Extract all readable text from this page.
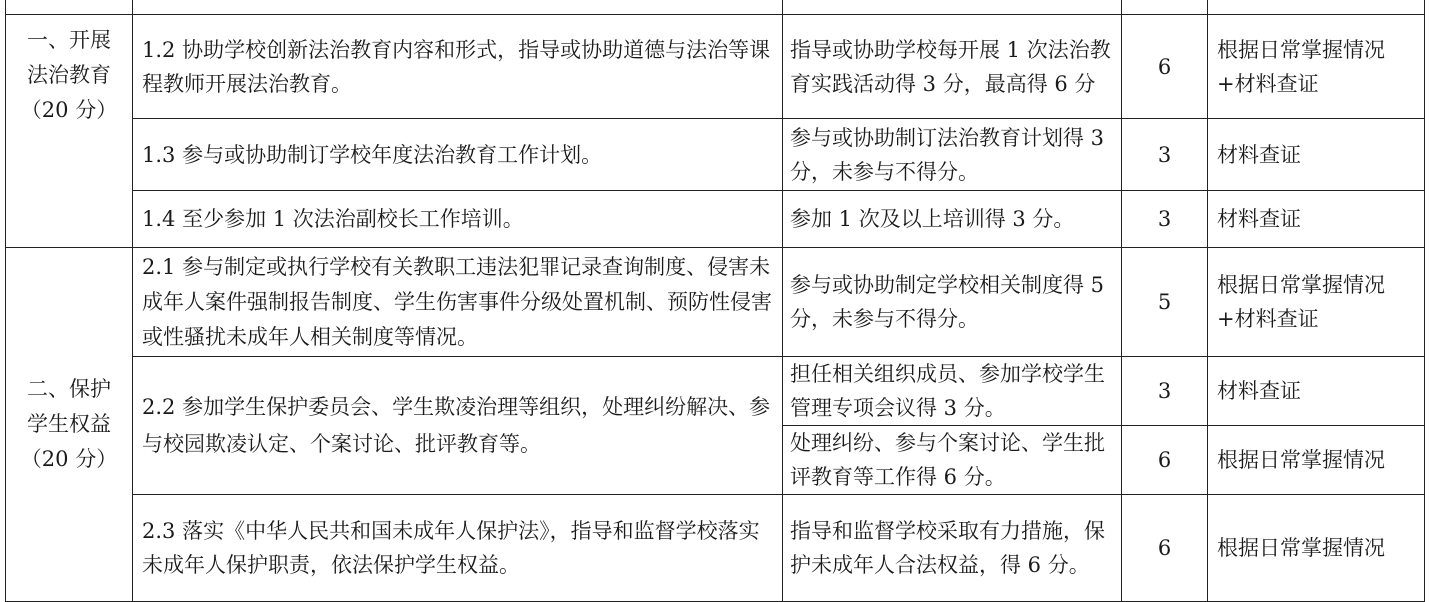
一、开展
法治教育
（20 分）	1.2 协助学校创新法治教育内容和形式，指导或协助道德与法治等课程教师开展法治教育。	指导或协助学校每开展 1 次法治教育实践活动得 3 分，最高得 6 分	6	根据日常掌握情况+材料查证
	1.3 参与或协助制订学校年度法治教育工作计划。	参与或协助制订法治教育计划得 3 分，未参与不得分。	3	材料查证
	1.4 至少参加 1 次法治副校长工作培训。	参加 1 次及以上培训得 3 分。	3	材料查证

二、保护
学生权益
（20 分）	2.1 参与制定或执行学校有关教职工违法犯罪记录查询制度、侵害未成年人案件强制报告制度、学生伤害事件分级处置机制、预防性侵害或性骚扰未成年人相关制度等情况。	参与或协助制定学校相关制度得 5 分，未参与不得分。	5	根据日常掌握情况+材料查证
	2.2 参加学生保护委员会、学生欺凌治理等组织，处理纠纷解决、参与校园欺凌认定、个案讨论、批评教育等。	担任相关组织成员、参加学校学生管理专项会议得 3 分。	3	材料查证
		处理纠纷、参与个案讨论、学生批评教育等工作得 6 分。	6	根据日常掌握情况
	2.3 落实《中华人民共和国未成年人保护法》，指导和监督学校落实未成年人保护职责，依法保护学生权益。	指导和监督学校采取有力措施，保护未成年人合法权益，得 6 分。	6	根据日常掌握情况
